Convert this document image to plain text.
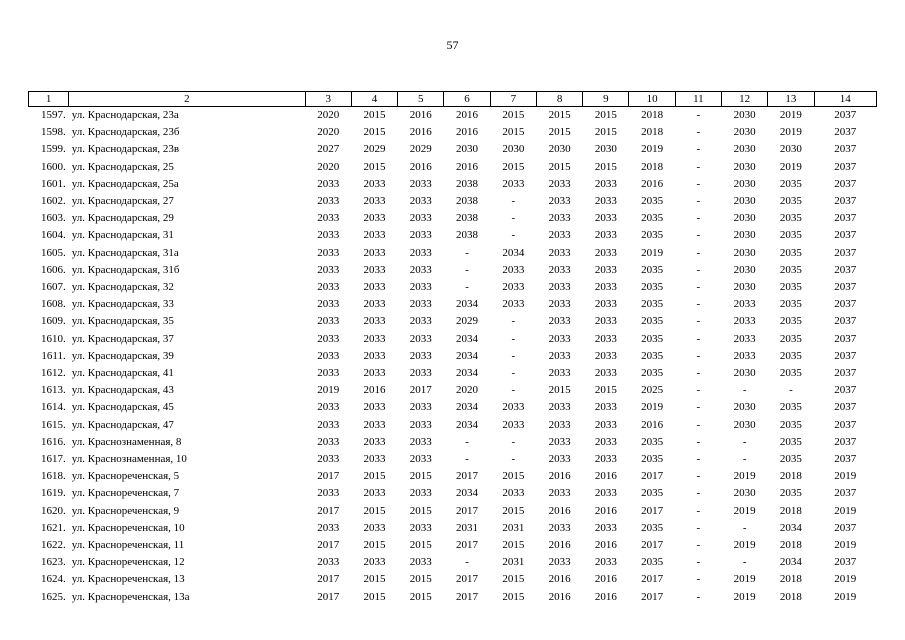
57
1	2	3	4	5	6	7	8	9	10	11	12	13	14
1597.	ул. Краснодарская, 23а	2020	2015	2016	2016	2015	2015	2015	2018	-	2030	2019	2037
1598.	ул. Краснодарская, 23б	2020	2015	2016	2016	2015	2015	2015	2018	-	2030	2019	2037
1599.	ул. Краснодарская, 23в	2027	2029	2029	2030	2030	2030	2030	2019	-	2030	2030	2037
1600.	ул. Краснодарская, 25	2020	2015	2016	2016	2015	2015	2015	2018	-	2030	2019	2037
1601.	ул. Краснодарская, 25а	2033	2033	2033	2038	2033	2033	2033	2016	-	2030	2035	2037
1602.	ул. Краснодарская, 27	2033	2033	2033	2038	-	2033	2033	2035	-	2030	2035	2037
1603.	ул. Краснодарская, 29	2033	2033	2033	2038	-	2033	2033	2035	-	2030	2035	2037
1604.	ул. Краснодарская, 31	2033	2033	2033	2038	-	2033	2033	2035	-	2030	2035	2037
1605.	ул. Краснодарская, 31а	2033	2033	2033	-	2034	2033	2033	2019	-	2030	2035	2037
1606.	ул. Краснодарская, 31б	2033	2033	2033	-	2033	2033	2033	2035	-	2030	2035	2037
1607.	ул. Краснодарская, 32	2033	2033	2033	-	2033	2033	2033	2035	-	2030	2035	2037
1608.	ул. Краснодарская, 33	2033	2033	2033	2034	2033	2033	2033	2035	-	2033	2035	2037
1609.	ул. Краснодарская, 35	2033	2033	2033	2029	-	2033	2033	2035	-	2033	2035	2037
1610.	ул. Краснодарская, 37	2033	2033	2033	2034	-	2033	2033	2035	-	2033	2035	2037
1611.	ул. Краснодарская, 39	2033	2033	2033	2034	-	2033	2033	2035	-	2033	2035	2037
1612.	ул. Краснодарская, 41	2033	2033	2033	2034	-	2033	2033	2035	-	2030	2035	2037
1613.	ул. Краснодарская, 43	2019	2016	2017	2020	-	2015	2015	2025	-	-	-	2037
1614.	ул. Краснодарская, 45	2033	2033	2033	2034	2033	2033	2033	2019	-	2030	2035	2037
1615.	ул. Краснодарская, 47	2033	2033	2033	2034	2033	2033	2033	2016	-	2030	2035	2037
1616.	ул. Краснознаменная, 8	2033	2033	2033	-	-	2033	2033	2035	-	-	2035	2037
1617.	ул. Краснознаменная, 10	2033	2033	2033	-	-	2033	2033	2035	-	-	2035	2037
1618.	ул. Краснореченская, 5	2017	2015	2015	2017	2015	2016	2016	2017	-	2019	2018	2019
1619.	ул. Краснореченская, 7	2033	2033	2033	2034	2033	2033	2033	2035	-	2030	2035	2037
1620.	ул. Краснореченская, 9	2017	2015	2015	2017	2015	2016	2016	2017	-	2019	2018	2019
1621.	ул. Краснореченская, 10	2033	2033	2033	2031	2031	2033	2033	2035	-	-	2034	2037
1622.	ул. Краснореченская, 11	2017	2015	2015	2017	2015	2016	2016	2017	-	2019	2018	2019
1623.	ул. Краснореченская, 12	2033	2033	2033	-	2031	2033	2033	2035	-	-	2034	2037
1624.	ул. Краснореченская, 13	2017	2015	2015	2017	2015	2016	2016	2017	-	2019	2018	2019
1625.	ул. Краснореченская, 13а	2017	2015	2015	2017	2015	2016	2016	2017	-	2019	2018	2019
